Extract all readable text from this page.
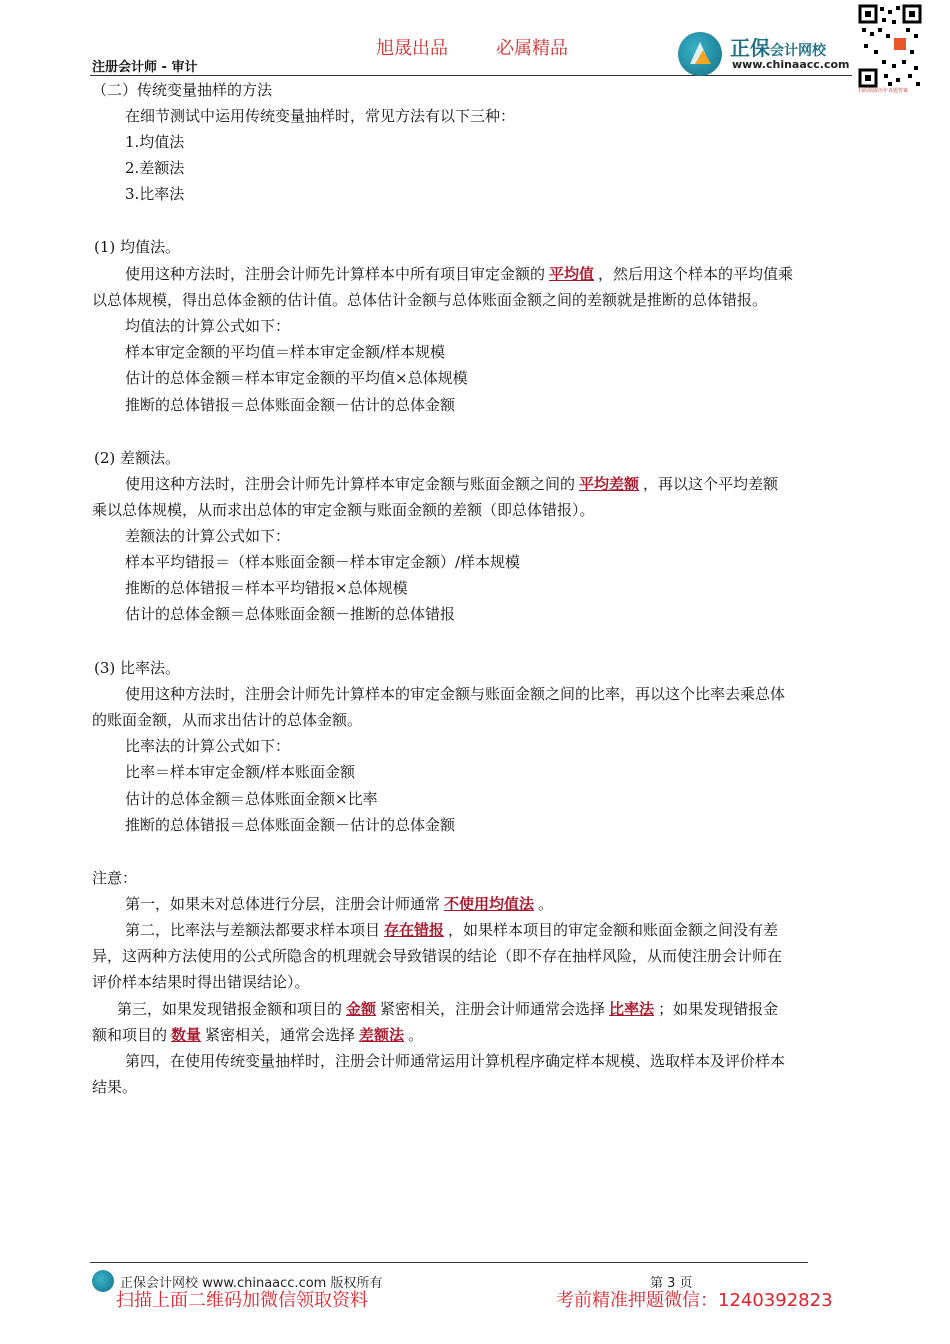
旭晟出品	必属精品
注册会计师 - 审计
正保会计网校
www.chinaacc.com
扫码领取历年真题答案
（二）传统变量抽样的方法
在细节测试中运用传统变量抽样时，常见方法有以下三种：
1.均值法
2.差额法
3.比率法
(1) 均值法。
使用这种方法时，注册会计师先计算样本中所有项目审定金额的 平均值 ，然后用这个样本的平均值乘
以总体规模，得出总体金额的估计值。总体估计金额与总体账面金额之间的差额就是推断的总体错报。
均值法的计算公式如下：
样本审定金额的平均值＝样本审定金额/样本规模
估计的总体金额＝样本审定金额的平均值×总体规模
推断的总体错报＝总体账面金额－估计的总体金额
(2) 差额法。
使用这种方法时，注册会计师先计算样本审定金额与账面金额之间的 平均差额 ，再以这个平均差额
乘以总体规模，从而求出总体的审定金额与账面金额的差额（即总体错报）。
差额法的计算公式如下：
样本平均错报＝（样本账面金额－样本审定金额）/样本规模
推断的总体错报＝样本平均错报×总体规模
估计的总体金额＝总体账面金额－推断的总体错报
(3) 比率法。
使用这种方法时，注册会计师先计算样本的审定金额与账面金额之间的比率，再以这个比率去乘总体
的账面金额，从而求出估计的总体金额。
比率法的计算公式如下：
比率＝样本审定金额/样本账面金额
估计的总体金额＝总体账面金额×比率
推断的总体错报＝总体账面金额－估计的总体金额
注意：
第一，如果未对总体进行分层，注册会计师通常 不使用均值法 。
第二，比率法与差额法都要求样本项目 存在错报 ，如果样本项目的审定金额和账面金额之间没有差
异，这两种方法使用的公式所隐含的机理就会导致错误的结论（即不存在抽样风险，从而使注册会计师在
评价样本结果时得出错误结论）。
第三，如果发现错报金额和项目的 金额 紧密相关，注册会计师通常会选择 比率法 ；如果发现错报金
额和项目的 数量 紧密相关，通常会选择 差额法 。
第四，在使用传统变量抽样时，注册会计师通常运用计算机程序确定样本规模、选取样本及评价样本
结果。
正保会计网校 www.chinaacc.com 版权所有	第 3 页
扫描上面二维码加微信领取资料	考前精准押题微信：1240392823
